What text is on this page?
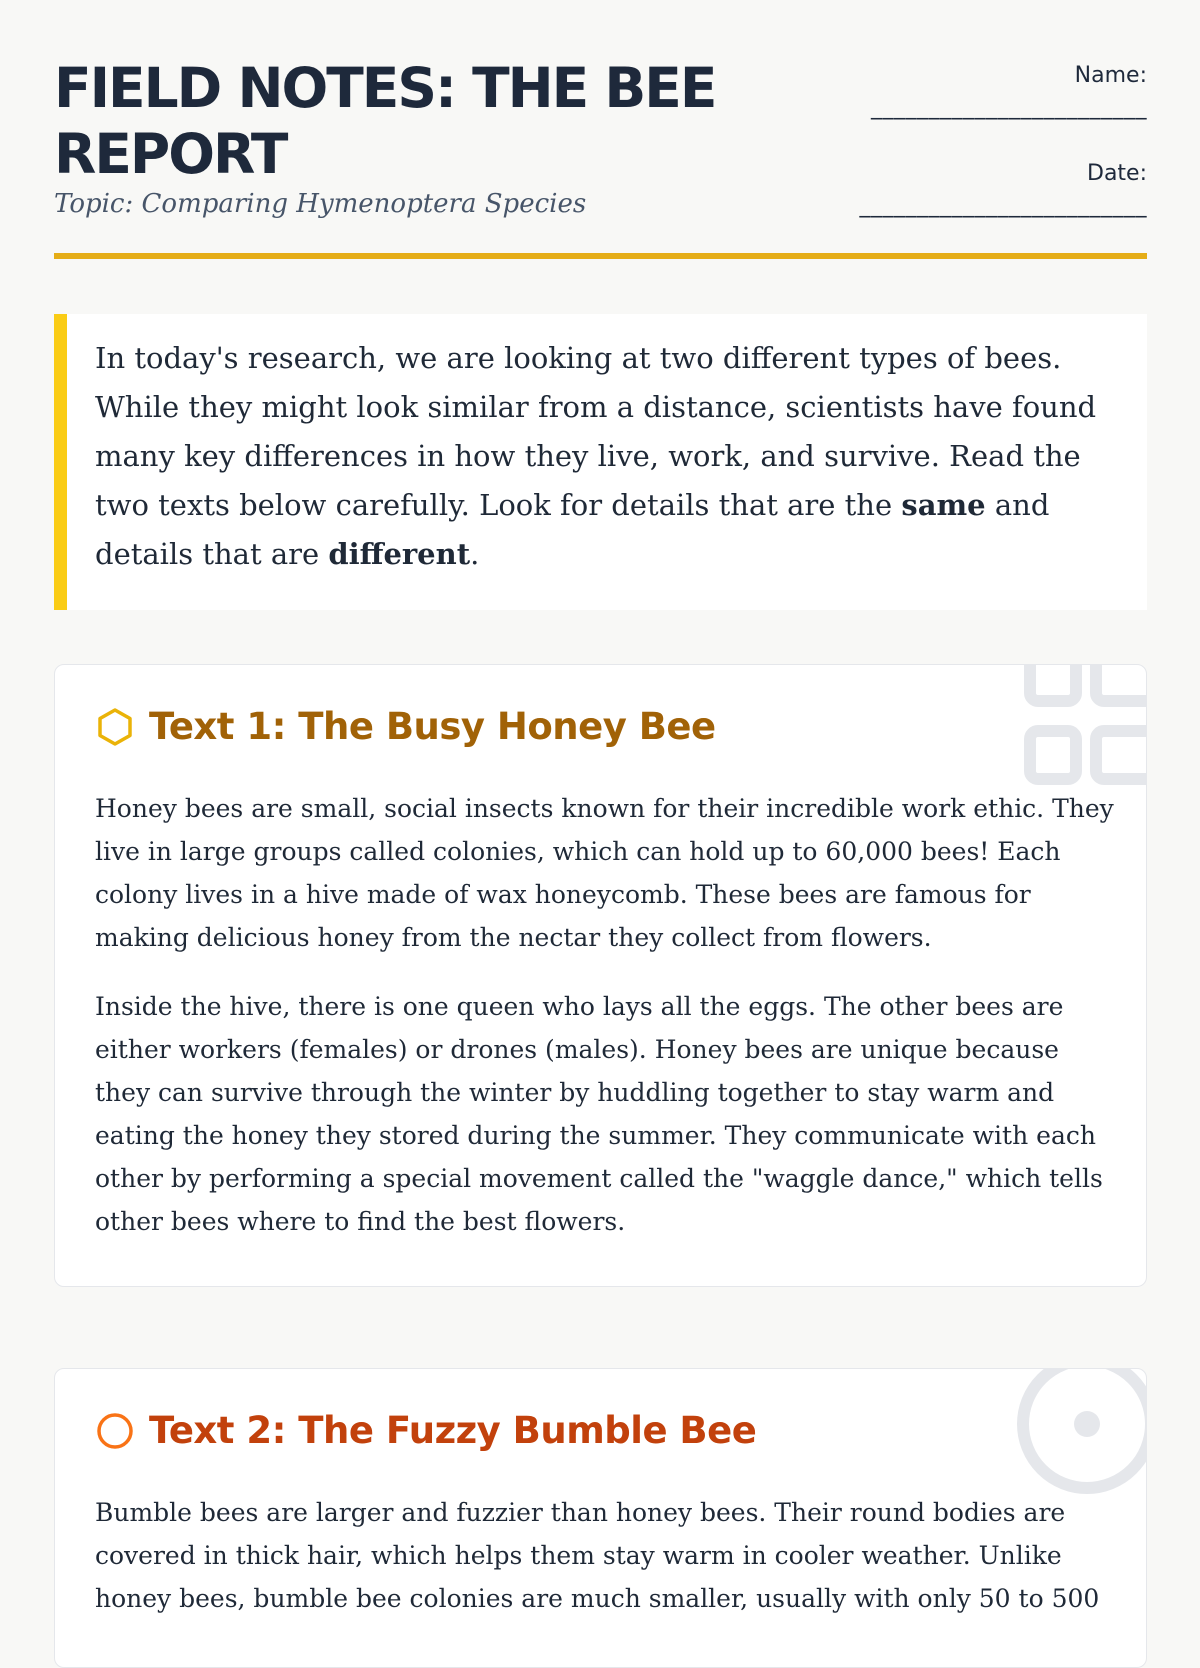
FIELD NOTES: THE BEE REPORT

Topic: Comparing Hymenoptera Species

Name:
________________________
Date:
_________________________

In today's research, we are looking at two different types of bees. While they might look similar from a distance, scientists have found many key differences in how they live, work, and survive. Read the two texts below carefully. Look for details that are the same and details that are different.

Text 1: The Busy Honey Bee

Honey bees are small, social insects known for their incredible work ethic. They live in large groups called colonies, which can hold up to 60,000 bees! Each colony lives in a hive made of wax honeycomb. These bees are famous for making delicious honey from the nectar they collect from flowers.

Inside the hive, there is one queen who lays all the eggs. The other bees are either workers (females) or drones (males). Honey bees are unique because they can survive through the winter by huddling together to stay warm and eating the honey they stored during the summer. They communicate with each other by performing a special movement called the "waggle dance," which tells other bees where to find the best flowers.

Text 2: The Fuzzy Bumble Bee

Bumble bees are larger and fuzzier than honey bees. Their round bodies are covered in thick hair, which helps them stay warm in cooler weather. Unlike honey bees, bumble bee colonies are much smaller, usually with only 50 to 500
